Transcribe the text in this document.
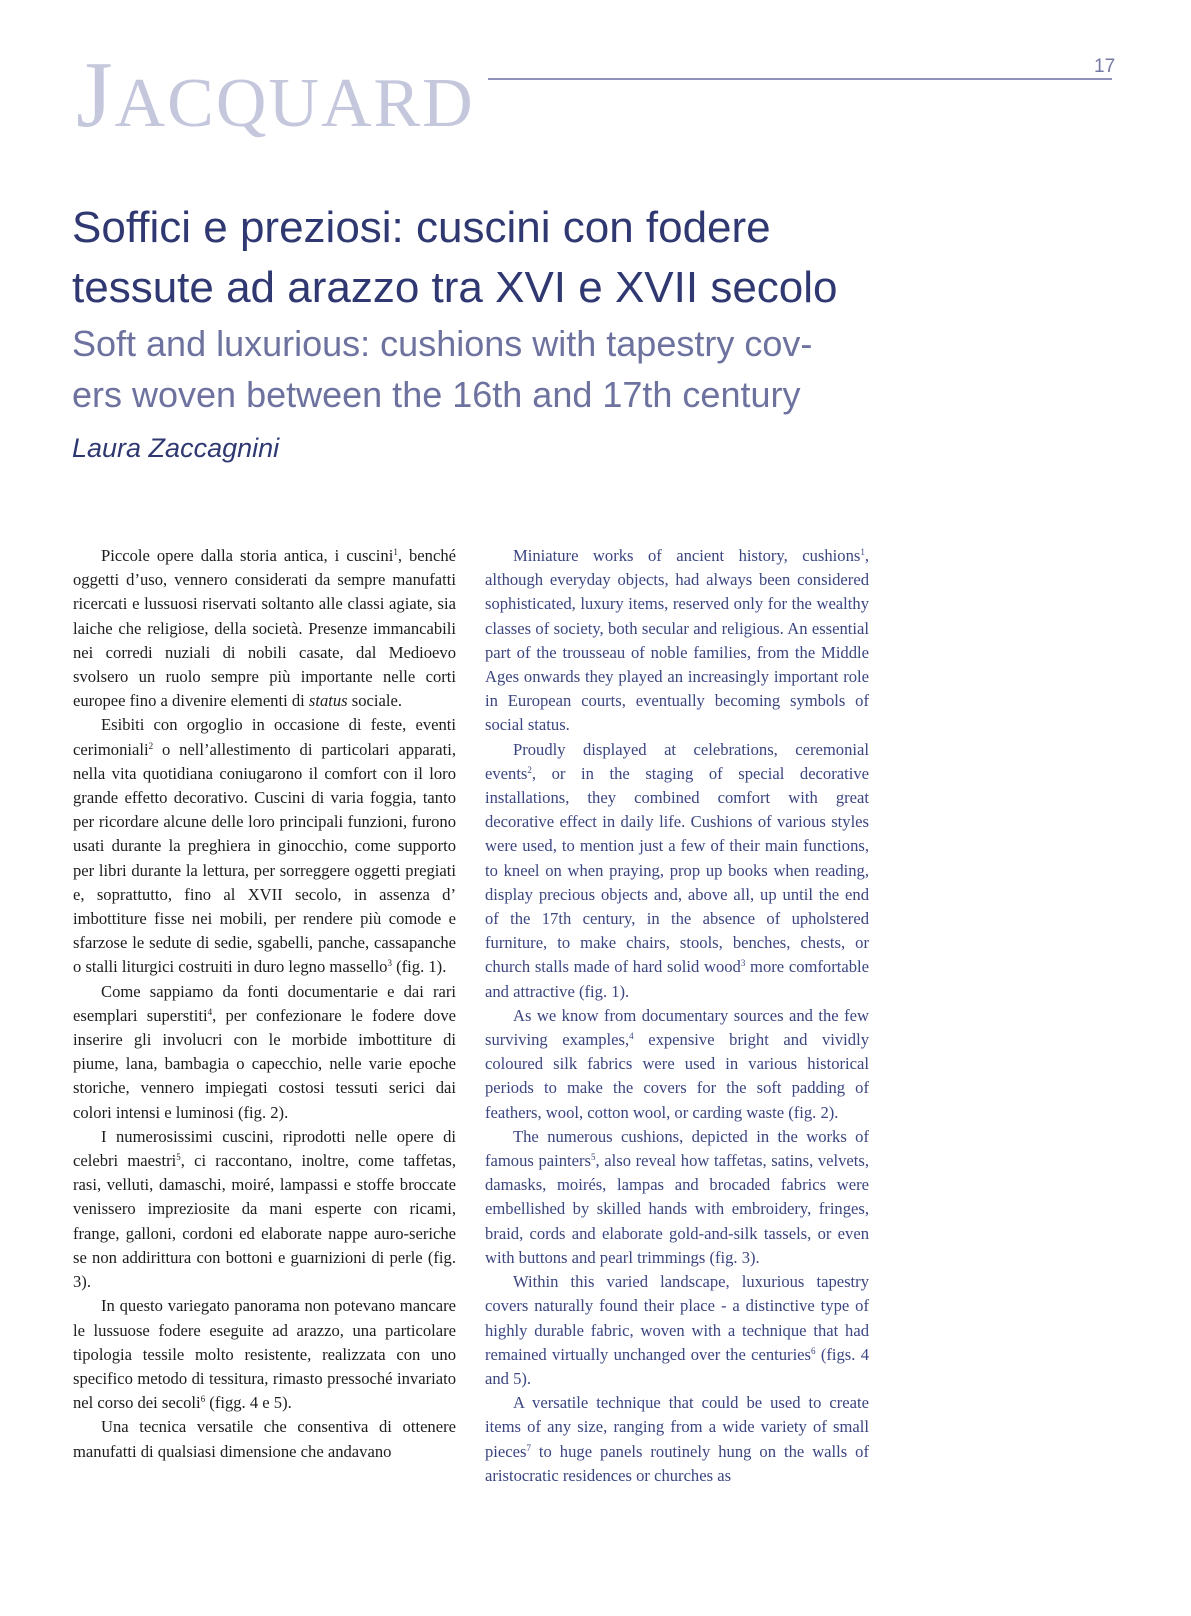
JACQUARD	17
Soffici e preziosi: cuscini con fodere tessute ad arazzo tra XVI e XVII secolo
Soft and luxurious: cushions with tapestry cov-
ers woven between the 16th and 17th century
Laura Zaccagnini

Piccole opere dalla storia antica, i cuscini$^1$, benché oggetti d’uso, vennero considerati da sempre manufatti ricercati e lussuosi riservati soltanto alle classi agiate, sia laiche che religiose, della società. Presenze immancabili nei corredi nuziali di nobili casate, dal Medioevo svolsero un ruolo sempre più importante nelle corti europee fino a divenire elementi di status sociale.

Esibiti con orgoglio in occasione di feste, eventi cerimoniali$^2$ o nell’allestimento di particolari apparati, nella vita quotidiana coniugarono il comfort con il loro grande effetto decorativo. Cuscini di varia foggia, tanto per ricordare alcune delle loro principali funzioni, furono usati durante la preghiera in ginocchio, come supporto per libri durante la lettura, per sorreggere oggetti pregiati e, soprattutto, fino al XVII secolo, in assenza d’ imbottiture fisse nei mobili, per rendere più comode e sfarzose le sedute di sedie, sgabelli, panche, cassapanche o stalli liturgici costruiti in duro legno massello$^3$ (fig. 1).

Come sappiamo da fonti documentarie e dai rari esemplari superstiti$^4$, per confezionare le fodere dove inserire gli involucri con le morbide imbottiture di piume, lana, bambagia o capecchio, nelle varie epoche storiche, vennero impiegati costosi tessuti serici dai colori intensi e luminosi (fig. 2).

I numerosissimi cuscini, riprodotti nelle opere di celebri maestri$^5$, ci raccontano, inoltre, come taffetas, rasi, velluti, damaschi, moiré, lampassi e stoffe broccate venissero impreziosite da mani esperte con ricami, frange, galloni, cordoni ed elaborate nappe auro-seriche se non addirittura con bottoni e guarnizioni di perle (fig. 3).

In questo variegato panorama non potevano mancare le lussuose fodere eseguite ad arazzo, una particolare tipologia tessile molto resistente, realizzata con uno specifico metodo di tessitura, rimasto pressoché invariato nel corso dei secoli$^6$ (figg. 4 e 5).

Una tecnica versatile che consentiva di ottenere manufatti di qualsiasi dimensione che andavano

Miniature works of ancient history, cushions$^1$, although everyday objects, had always been considered sophisticated, luxury items, reserved only for the wealthy classes of society, both secular and religious. An essential part of the trousseau of noble families, from the Middle Ages onwards they played an increasingly important role in European courts, eventually becoming symbols of social status.

Proudly displayed at celebrations, ceremonial events$^2$, or in the staging of special decorative installations, they combined comfort with great decorative effect in daily life. Cushions of various styles were used, to mention just a few of their main functions, to kneel on when praying, prop up books when reading, display precious objects and, above all, up until the end of the 17th century, in the absence of upholstered furniture, to make chairs, stools, benches, chests, or church stalls made of hard solid wood$^3$ more comfortable and attractive (fig. 1).

As we know from documentary sources and the few surviving examples,$^4$ expensive bright and vividly coloured silk fabrics were used in various historical periods to make the covers for the soft padding of feathers, wool, cotton wool, or carding waste (fig. 2).

The numerous cushions, depicted in the works of famous painters$^5$, also reveal how taffetas, satins, velvets, damasks, moirés, lampas and brocaded fabrics were embellished by skilled hands with embroidery, fringes, braid, cords and elaborate gold-and-silk tassels, or even with buttons and pearl trimmings (fig. 3).

Within this varied landscape, luxurious tapestry covers naturally found their place - a distinctive type of highly durable fabric, woven with a technique that had remained virtually unchanged over the centuries$^6$ (figs. 4 and 5).

A versatile technique that could be used to create items of any size, ranging from a wide variety of small pieces$^7$ to huge panels routinely hung on the walls of aristocratic residences or churches as
